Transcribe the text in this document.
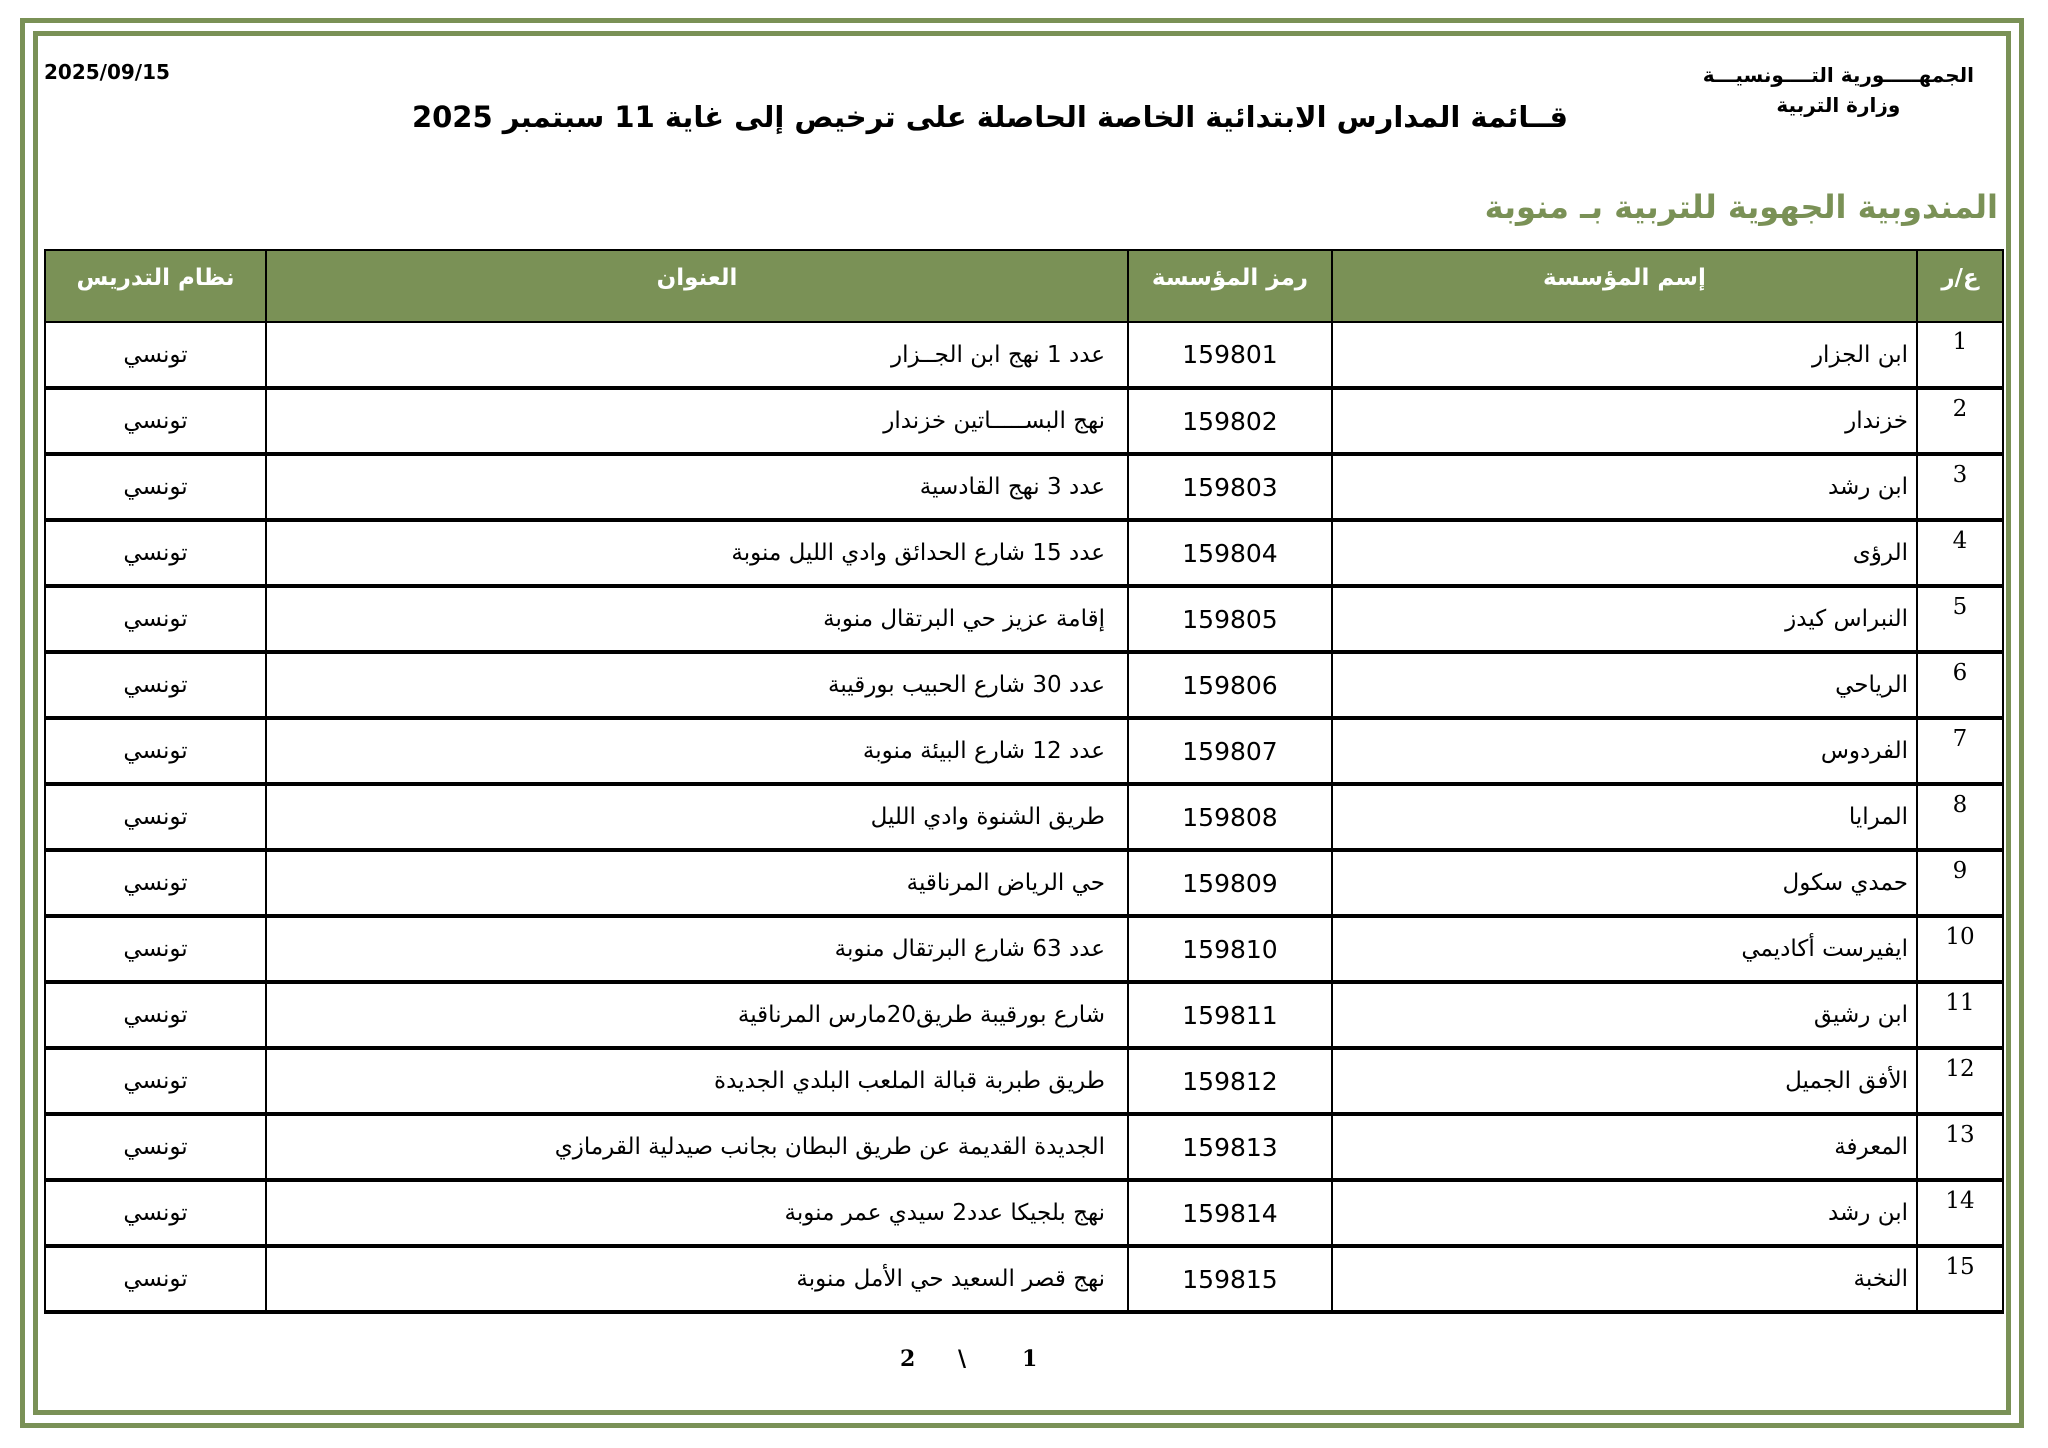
2025/09/15	الجمهـــــورية التــــونسيـــة
وزارة التربية
قــائمة المدارس الابتدائية الخاصة الحاصلة على ترخيص إلى غاية 11 سبتمبر 2025
المندوبية الجهوية للتربية بـ منوبة
ع/ر	إسم المؤسسة	رمز المؤسسة	العنوان	نظام التدريس
1	ابن الجزار	159801	عدد 1 نهج ابن الجــزار	تونسي
2	خزندار	159802	نهج البســـــاتين خزندار	تونسي
3	ابن رشد	159803	عدد 3 نهج القادسية	تونسي
4	الرؤى	159804	عدد 15 شارع الحدائق وادي الليل منوبة	تونسي
5	النبراس كيدز	159805	إقامة عزيز حي البرتقال منوبة	تونسي
6	الرياحي	159806	عدد 30 شارع الحبيب بورقيبة	تونسي
7	الفردوس	159807	عدد 12 شارع البيئة منوبة	تونسي
8	المرايا	159808	طريق الشنوة وادي الليل	تونسي
9	حمدي سكول	159809	حي الرياض المرناقية	تونسي
10	ايفيرست أكاديمي	159810	عدد 63 شارع البرتقال منوبة	تونسي
11	ابن رشيق	159811	شارع بورقيبة طريق20مارس المرناقية	تونسي
12	الأفق الجميل	159812	طريق طبربة قبالة الملعب البلدي الجديدة	تونسي
13	المعرفة	159813	الجديدة القديمة عن طريق البطان بجانب صيدلية القرمازي	تونسي
14	ابن رشد	159814	نهج بلجيكا عدد2 سيدي عمر منوبة	تونسي
15	النخبة	159815	نهج قصر السعيد حي الأمل منوبة	تونسي
2 \	1
